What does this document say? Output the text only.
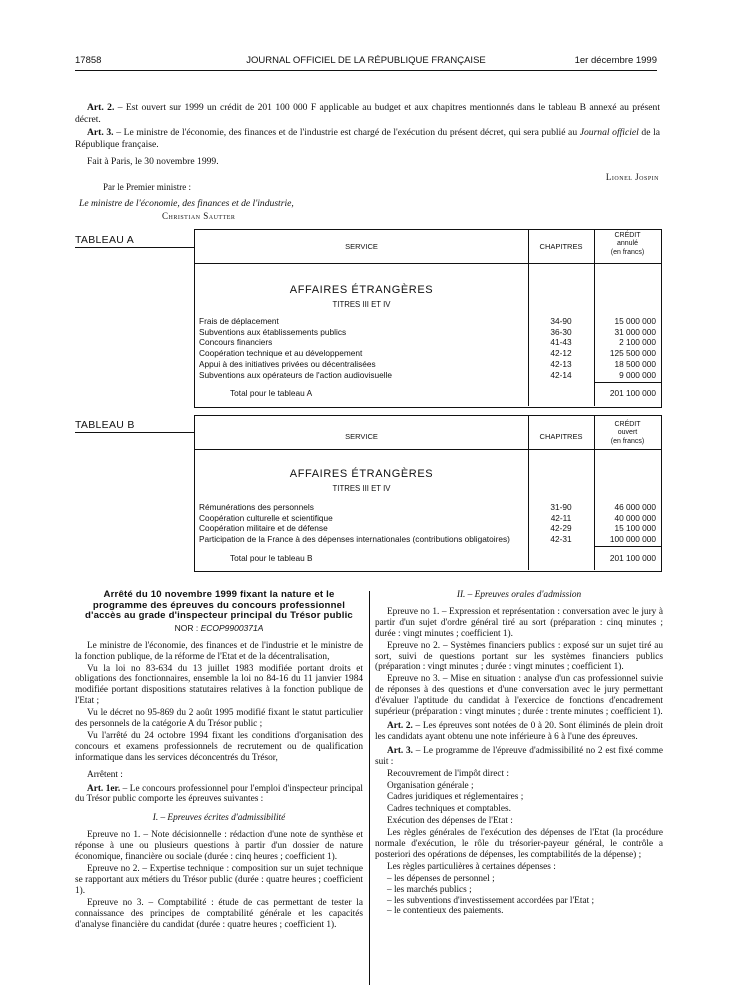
17858	JOURNAL OFFICIEL DE LA RÉPUBLIQUE FRANÇAISE	1er décembre 1999

Art. 2. – Est ouvert sur 1999 un crédit de 201 100 000 F applicable au budget et aux chapitres mentionnés dans le tableau B annexé au présent décret.

Art. 3. – Le ministre de l'économie, des finances et de l'industrie est chargé de l'exécution du présent décret, qui sera publié au Journal officiel de la République française.

Fait à Paris, le 30 novembre 1999.

Lionel Jospin
Par le Premier ministre :
Le ministre de l'économie, des finances et de l'industrie,
Christian Sautter
TABLEAU A
SERVICE	CHAPITRES
CRÉDIT
annulé
(en francs)
AFFAIRES ÉTRANGÈRES
TITRES III ET IV
Frais de déplacement	34-90	15 000 000
Subventions aux établissements publics	36-30	31 000 000
Concours financiers	41-43	2 100 000
Coopération technique et au développement	42-12	125 500 000
Appui à des initiatives privées ou décentralisées	42-13	18 500 000
Subventions aux opérateurs de l'action audiovisuelle	42-14	9 000 000
Total pour le tableau A	201 100 000
TABLEAU B
SERVICE	CHAPITRES
CRÉDIT
ouvert
(en francs)
AFFAIRES ÉTRANGÈRES
TITRES III ET IV
Rémunérations des personnels	31-90	46 000 000
Coopération culturelle et scientifique	42-11	40 000 000
Coopération militaire et de défense	42-29	15 100 000
Participation de la France à des dépenses internationales (contributions obligatoires)	42-31	100 000 000
Total pour le tableau B	201 100 000

Arrêté du 10 novembre 1999 fixant la nature et le programme des épreuves du concours professionnel d'accès au grade d'inspecteur principal du Trésor public

NOR : ECOP9900371A

Le ministre de l'économie, des finances et de l'industrie et le ministre de la fonction publique, de la réforme de l'Etat et de la décentralisation,

Vu la loi no 83-634 du 13 juillet 1983 modifiée portant droits et obligations des fonctionnaires, ensemble la loi no 84-16 du 11 janvier 1984 modifiée portant dispositions statutaires relatives à la fonction publique de l'Etat ;

Vu le décret no 95-869 du 2 août 1995 modifié fixant le statut particulier des personnels de la catégorie A du Trésor public ;

Vu l'arrêté du 24 octobre 1994 fixant les conditions d'organisation des concours et examens professionnels de recrutement ou de qualification informatique dans les services déconcentrés du Trésor,

Arrêtent :

Art. 1er. – Le concours professionnel pour l'emploi d'inspecteur principal du Trésor public comporte les épreuves suivantes :

I. – Epreuves écrites d'admissibilité

Epreuve no 1. – Note décisionnelle : rédaction d'une note de synthèse et réponse à une ou plusieurs questions à partir d'un dossier de nature économique, financière ou sociale (durée : cinq heures ; coefficient 1).

Epreuve no 2. – Expertise technique : composition sur un sujet technique se rapportant aux métiers du Trésor public (durée : quatre heures ; coefficient 1).

Epreuve no 3. – Comptabilité : étude de cas permettant de tester la connaissance des principes de comptabilité générale et les capacités d'analyse financière du candidat (durée : quatre heures ; coefficient 1).

II. – Epreuves orales d'admission

Epreuve no 1. – Expression et représentation : conversation avec le jury à partir d'un sujet d'ordre général tiré au sort (préparation : cinq minutes ; durée : vingt minutes ; coefficient 1).

Epreuve no 2. – Systèmes financiers publics : exposé sur un sujet tiré au sort, suivi de questions portant sur les systèmes financiers publics (préparation : vingt minutes ; durée : vingt minutes ; coefficient 1).

Epreuve no 3. – Mise en situation : analyse d'un cas professionnel suivie de réponses à des questions et d'une conversation avec le jury permettant d'évaluer l'aptitude du candidat à l'exercice de fonctions d'encadrement supérieur (préparation : vingt minutes ; durée : trente minutes ; coefficient 1).

Art. 2. – Les épreuves sont notées de 0 à 20. Sont éliminés de plein droit les candidats ayant obtenu une note inférieure à 6 à l'une des épreuves.

Art. 3. – Le programme de l'épreuve d'admissibilité no 2 est fixé comme suit :

Recouvrement de l'impôt direct :

Organisation générale ;

Cadres juridiques et réglementaires ;

Cadres techniques et comptables.

Exécution des dépenses de l'Etat :

Les règles générales de l'exécution des dépenses de l'Etat (la procédure normale d'exécution, le rôle du trésorier-payeur général, le contrôle a posteriori des opérations de dépenses, les comptabilités de la dépense) ;

Les règles particulières à certaines dépenses :

– les dépenses de personnel ;

– les marchés publics ;

– les subventions d'investissement accordées par l'Etat ;

– le contentieux des paiements.
